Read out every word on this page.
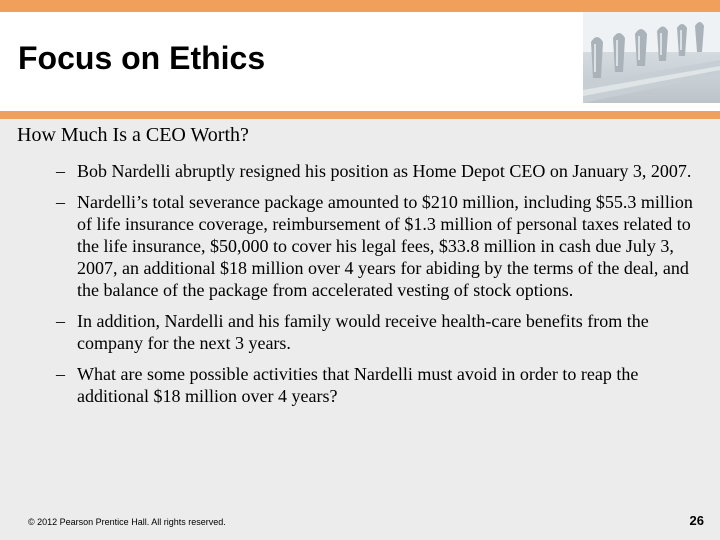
Focus on Ethics

How Much Is a CEO Worth?

– Bob Nardelli abruptly resigned his position as Home Depot CEO on January 3, 2007.
– Nardelli’s total severance package amounted to $210 million, including $55.3 million of life insurance coverage, reimbursement of $1.3 million of personal taxes related to the life insurance, $50,000 to cover his legal fees, $33.8 million in cash due July 3, 2007, an additional $18 million over 4 years for abiding by the terms of the deal, and the balance of the package from accelerated vesting of stock options.
– In addition, Nardelli and his family would receive health-care benefits from the company for the next 3 years.
– What are some possible activities that Nardelli must avoid in order to reap the additional $18 million over 4 years?
© 2012 Pearson Prentice Hall. All rights reserved.	26
